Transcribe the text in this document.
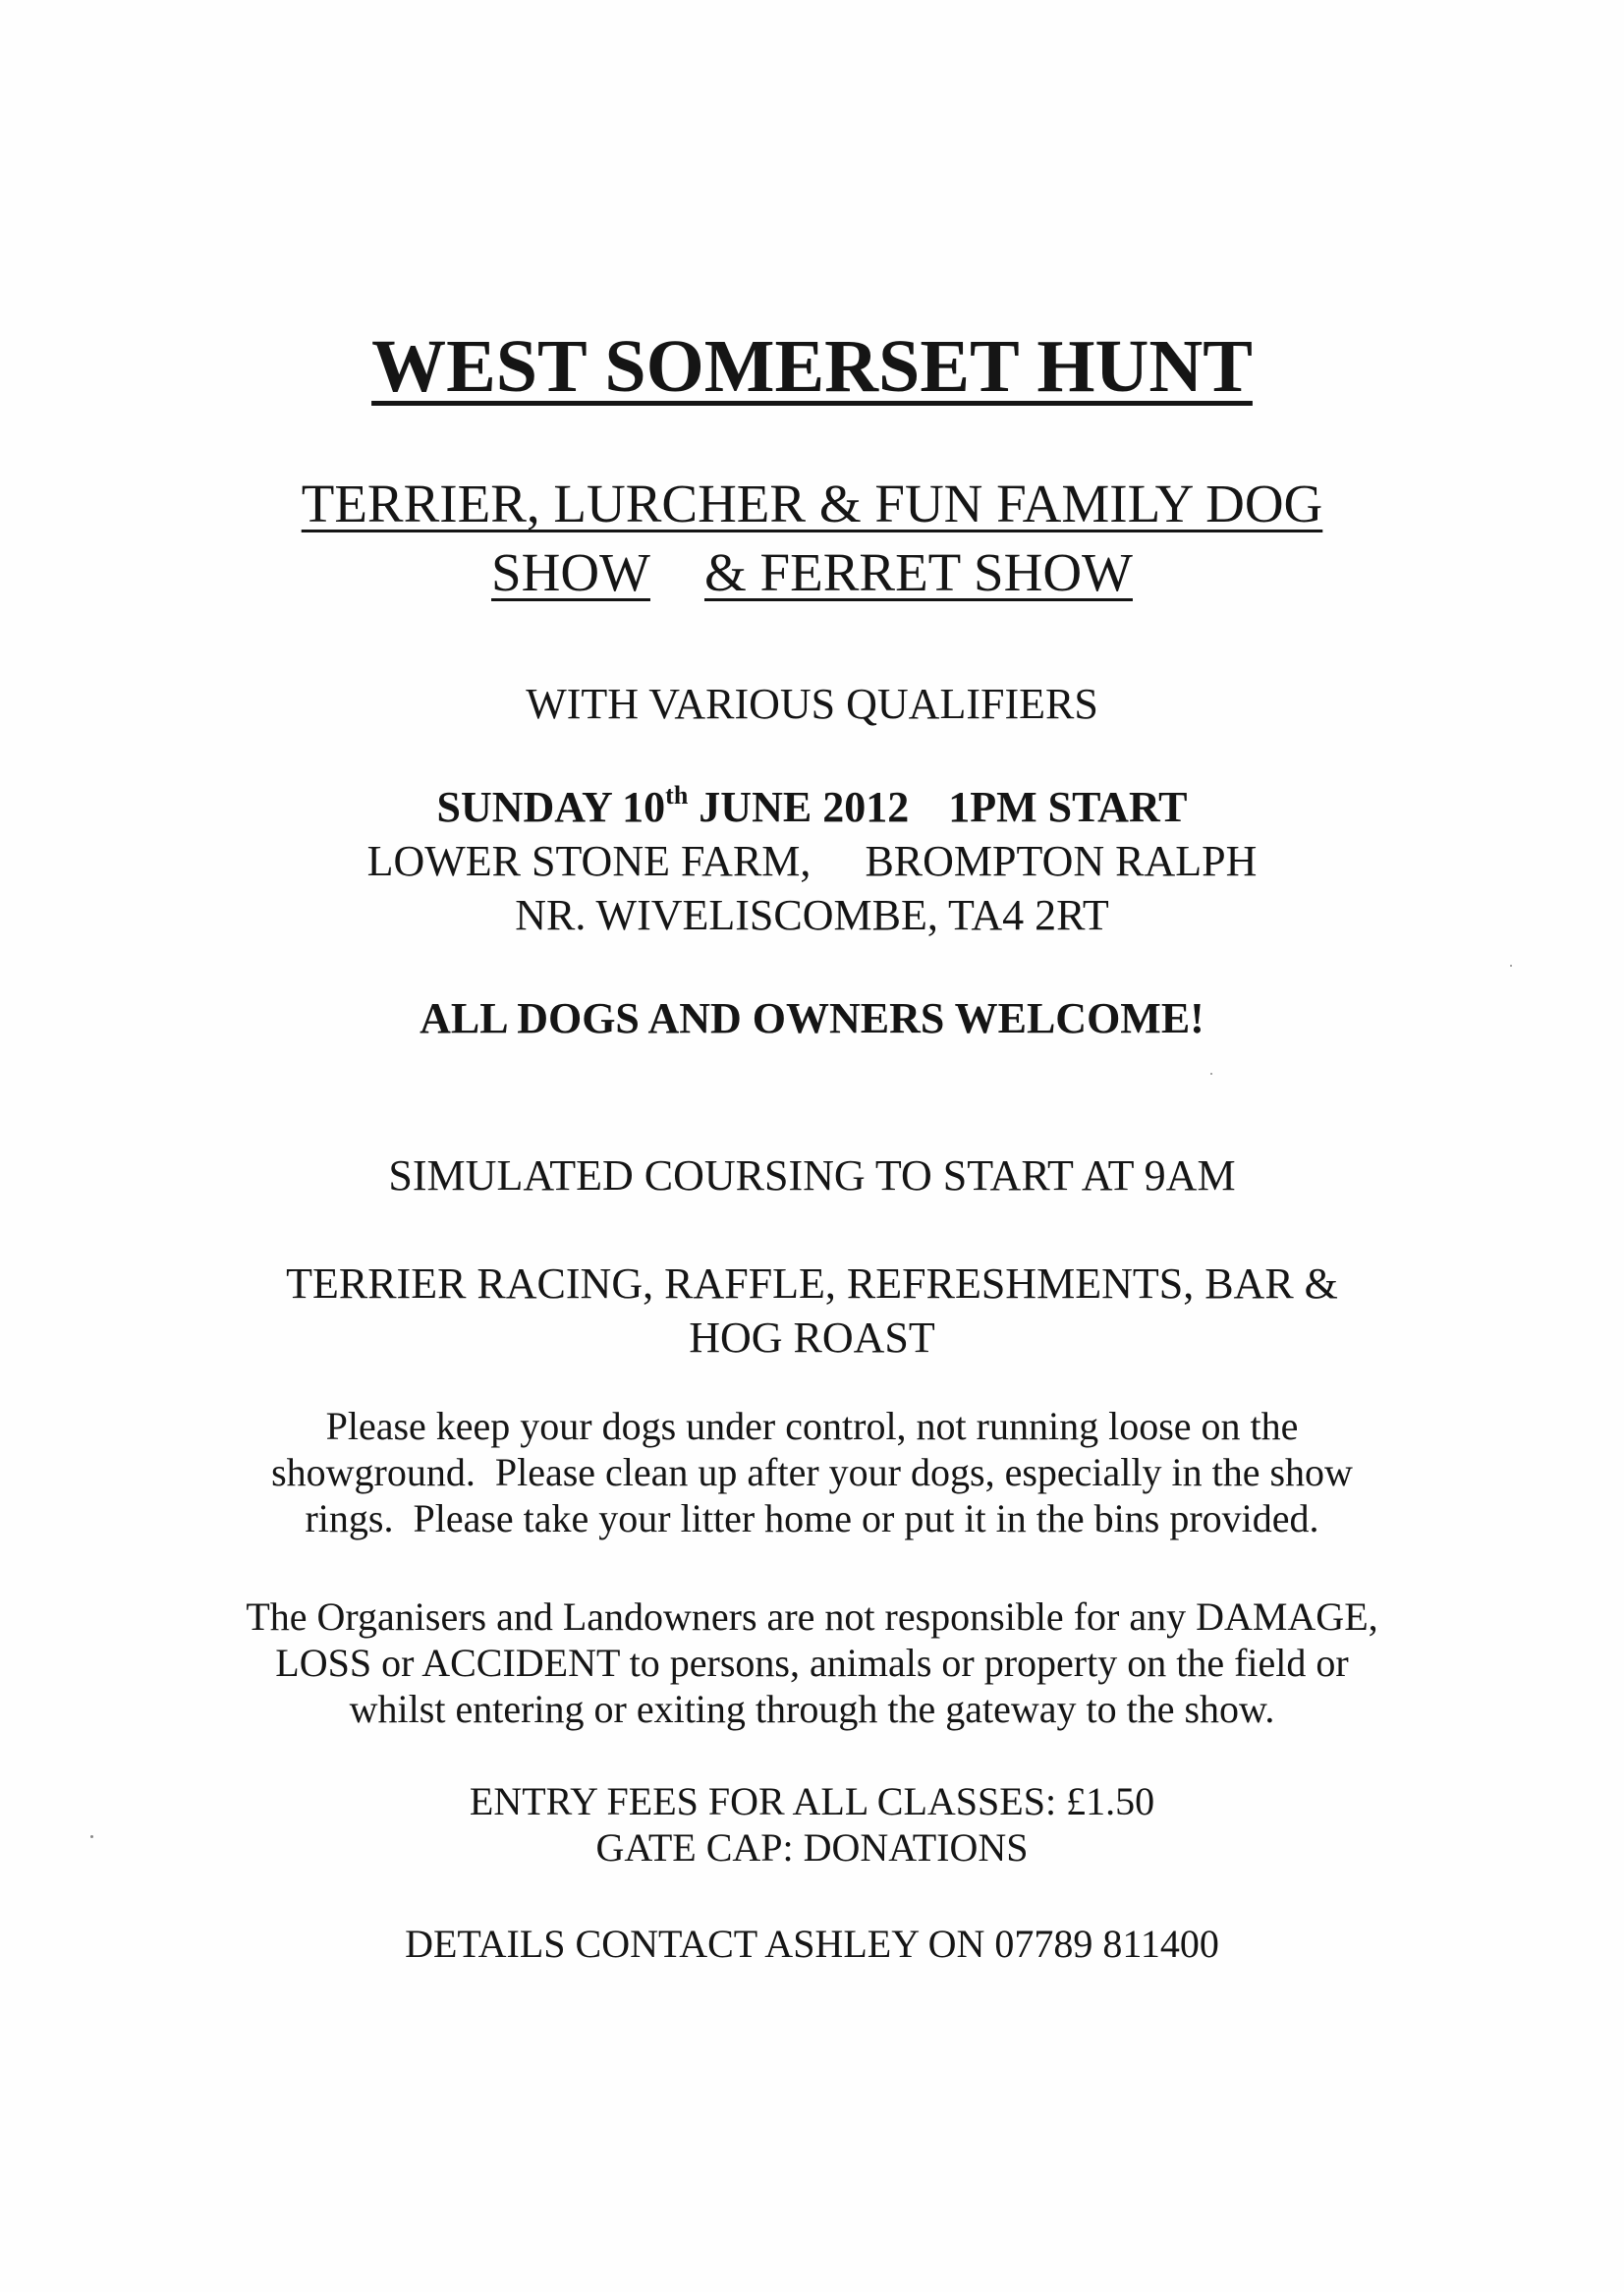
WEST SOMERSET HUNT
TERRIER, LURCHER & FUN FAMILY DOG
SHOW & FERRET SHOW
WITH VARIOUS QUALIFIERS
SUNDAY 10th JUNE 2012 1PM START
LOWER STONE FARM, BROMPTON RALPH
NR. WIVELISCOMBE, TA4 2RT
ALL DOGS AND OWNERS WELCOME!
SIMULATED COURSING TO START AT 9AM
TERRIER RACING, RAFFLE, REFRESHMENTS, BAR &
HOG ROAST
Please keep your dogs under control, not running loose on the
showground.  Please clean up after your dogs, especially in the show
rings.  Please take your litter home or put it in the bins provided.
The Organisers and Landowners are not responsible for any DAMAGE,
LOSS or ACCIDENT to persons, animals or property on the field or
whilst entering or exiting through the gateway to the show.
ENTRY FEES FOR ALL CLASSES: £1.50
GATE CAP: DONATIONS
DETAILS CONTACT ASHLEY ON 07789 811400
